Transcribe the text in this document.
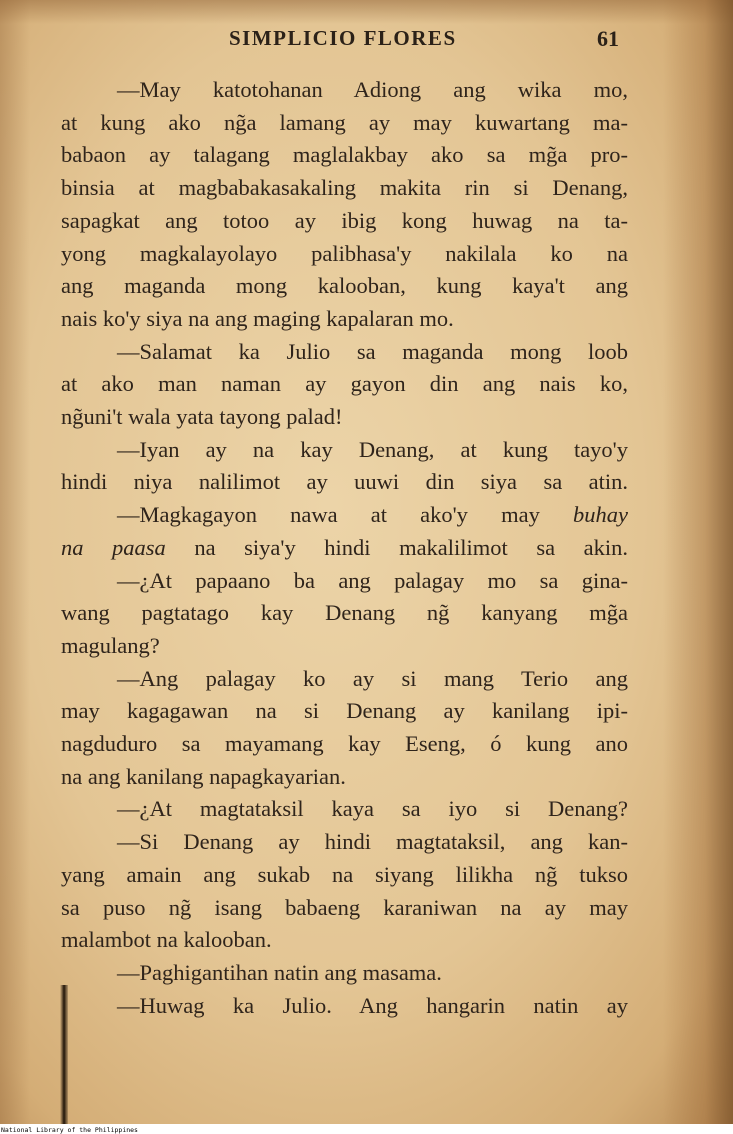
SIMPLICIO FLORES	61
—May katotohanan Adiong ang wika mo,
at kung ako ng̃a lamang ay may kuwartang ma-
babaon ay talagang maglalakbay ako sa mg̃a pro-
binsia at magbabakasakaling makita rin si Denang,
sapagkat ang totoo ay ibig kong huwag na ta-
yong magkalayolayo palibhasa'y nakilala ko na
ang maganda mong kalooban, kung kaya't ang
nais ko'y siya na ang maging kapalaran mo.
—Salamat ka Julio sa maganda mong loob
at ako man naman ay gayon din ang nais ko,
ng̃uni't wala yata tayong palad!
—Iyan ay na kay Denang, at kung tayo'y
hindi niya nalilimot ay uuwi din siya sa atin.
—Magkagayon nawa at ako'y may buhay
na paasa na siya'y hindi makalilimot sa akin.
—¿At papaano ba ang palagay mo sa gina-
wang pagtatago kay Denang ng̃ kanyang mg̃a
magulang?
—Ang palagay ko ay si mang Terio ang
may kagagawan na si Denang ay kanilang ipi-
nagduduro sa mayamang kay Eseng, ó kung ano
na ang kanilang napagkayarian.
—¿At magtataksil kaya sa iyo si Denang?
—Si Denang ay hindi magtataksil, ang kan-
yang amain ang sukab na siyang lilikha ng̃ tukso
sa puso ng̃ isang babaeng karaniwan na ay may
malambot na kalooban.
—Paghigantihan natin ang masama.
—Huwag ka Julio. Ang hangarin natin ay
National Library of the Philippines
